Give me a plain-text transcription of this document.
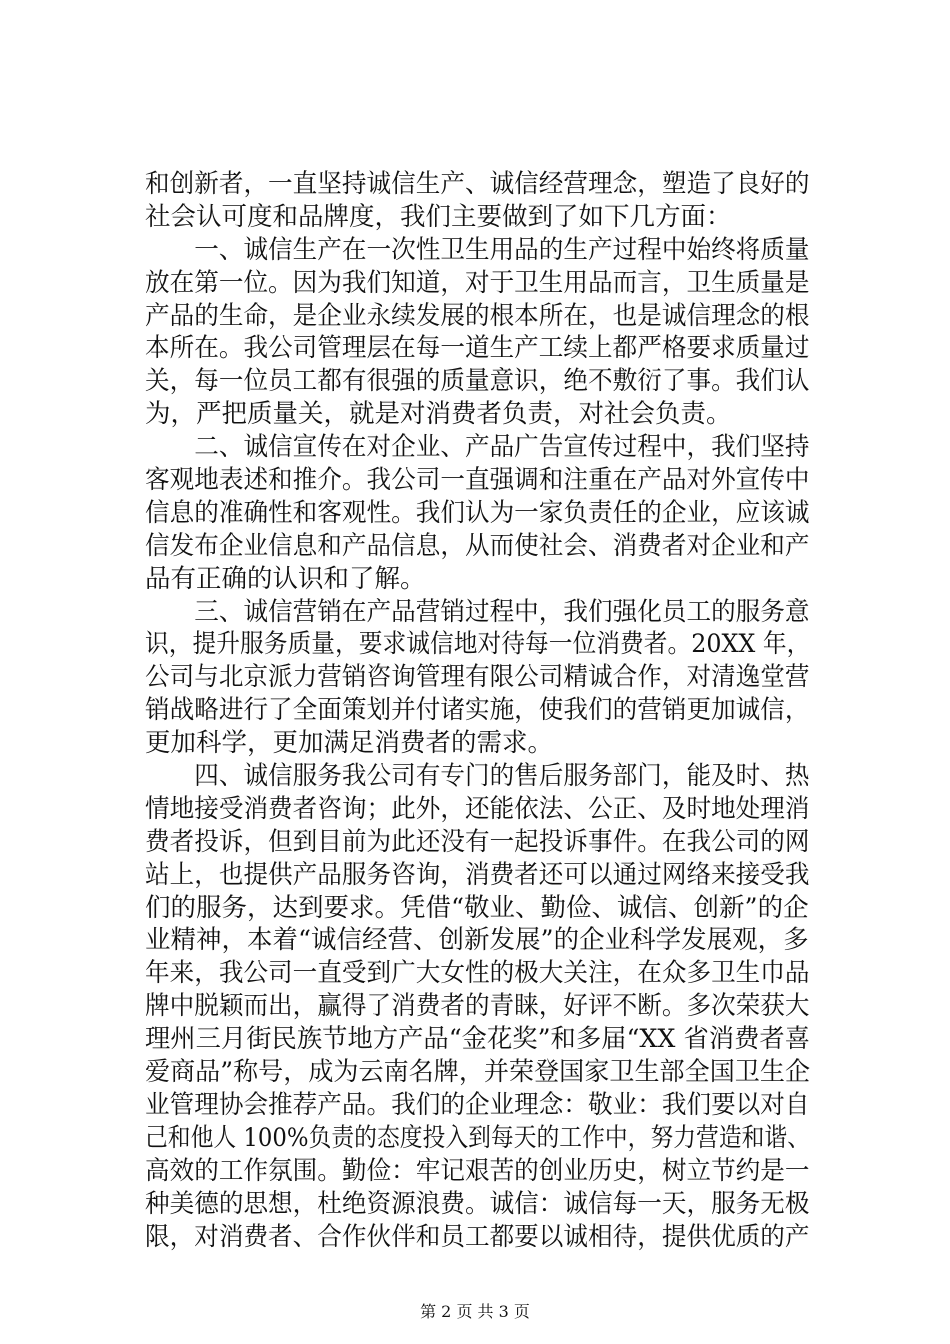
和创新者，一直坚持诚信生产、诚信经营理念，塑造了良好的
社会认可度和品牌度，我们主要做到了如下几方面：
　　一、诚信生产在一次性卫生用品的生产过程中始终将质量
放在第一位。因为我们知道，对于卫生用品而言，卫生质量是
产品的生命，是企业永续发展的根本所在，也是诚信理念的根
本所在。我公司管理层在每一道生产工续上都严格要求质量过
关，每一位员工都有很强的质量意识，绝不敷衍了事。我们认
为，严把质量关，就是对消费者负责，对社会负责。
　　二、诚信宣传在对企业、产品广告宣传过程中，我们坚持
客观地表述和推介。我公司一直强调和注重在产品对外宣传中
信息的准确性和客观性。我们认为一家负责任的企业，应该诚
信发布企业信息和产品信息，从而使社会、消费者对企业和产
品有正确的认识和了解。
　　三、诚信营销在产品营销过程中，我们强化员工的服务意
识，提升服务质量，要求诚信地对待每一位消费者。20XX 年，
公司与北京派力营销咨询管理有限公司精诚合作，对清逸堂营
销战略进行了全面策划并付诸实施，使我们的营销更加诚信，
更加科学，更加满足消费者的需求。
　　四、诚信服务我公司有专门的售后服务部门，能及时、热
情地接受消费者咨询；此外，还能依法、公正、及时地处理消
费者投诉，但到目前为此还没有一起投诉事件。在我公司的网
站上，也提供产品服务咨询，消费者还可以通过网络来接受我
们的服务，达到要求。凭借“敬业、勤俭、诚信、创新”的企
业精神，本着“诚信经营、创新发展”的企业科学发展观，多
年来，我公司一直受到广大女性的极大关注，在众多卫生巾品
牌中脱颖而出，赢得了消费者的青睐，好评不断。多次荣获大
理州三月街民族节地方产品“金花奖”和多届“XX 省消费者喜
爱商品”称号，成为云南名牌，并荣登国家卫生部全国卫生企
业管理协会推荐产品。我们的企业理念：敬业：我们要以对自
己和他人 100%负责的态度投入到每天的工作中，努力营造和谐、
高效的工作氛围。勤俭：牢记艰苦的创业历史，树立节约是一
种美德的思想，杜绝资源浪费。诚信：诚信每一天，服务无极
限，对消费者、合作伙伴和员工都要以诚相待，提供优质的产
第 2 页 共 3 页
